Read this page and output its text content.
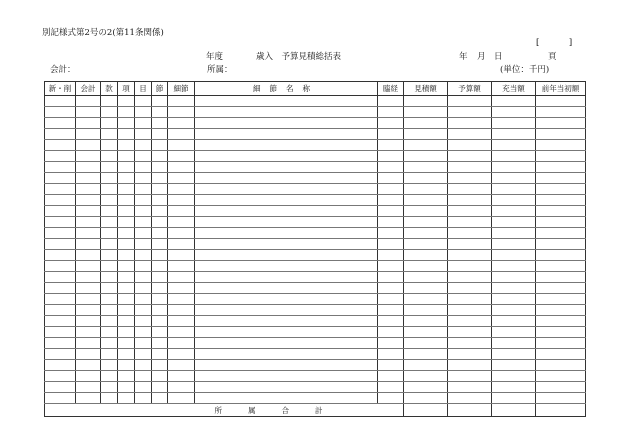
別記様式第2号の2(第11条関係)
[　　　]
年度	歳入　予算見積総括表	年 月 日	頁
会計：	所属：	(単位：千円)
新・削	会計	款	項	目	節	細節	細節名称	臨経	見積額	予算額	充当額	前年当初額

所属合計												
